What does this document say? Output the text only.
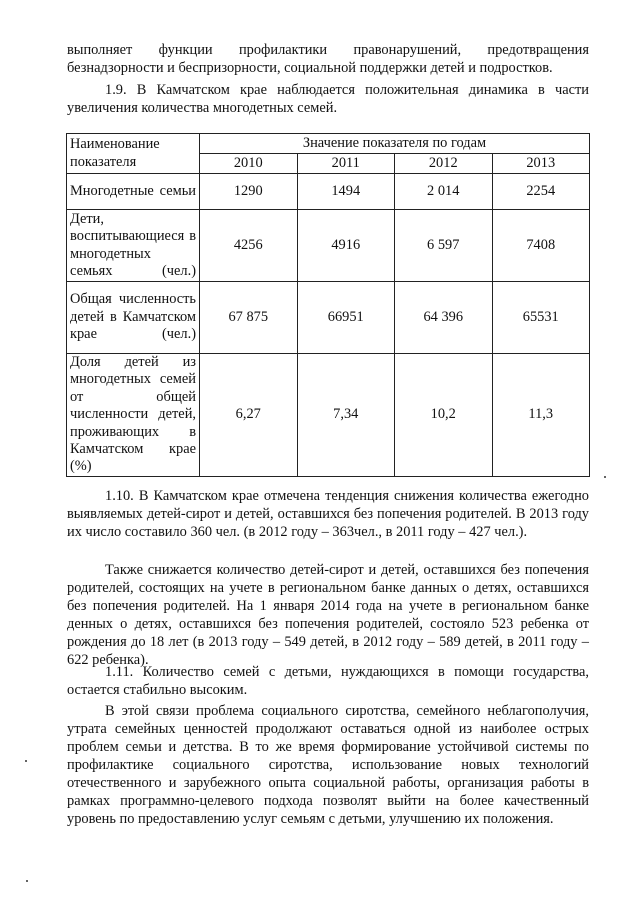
выполняет функции профилактики правонарушений, предотвращения безнадзорности и беспризорности, социальной поддержки детей и подростков.

1.9. В Камчатском крае наблюдается положительная динамика в части увеличения количества многодетных семей.

Наименование показателя	Значение показателя по годам			
	2010	2011	2012	2013
Многодетные семьи	1290	1494	2 014	2254
Дети, воспитывающиеся в многодетных семьях (чел.)	4256	4916	6 597	7408
Общая численность детей в Камчатском крае (чел.)	67 875	66951	64 396	65531
Доля детей из многодетных семей от общей численности детей, проживающих в Камчатском крае (%)	6,27	7,34	10,2	11,3

1.10. В Камчатском крае отмечена тенденция снижения количества ежегодно выявляемых детей-сирот и детей, оставшихся без попечения родителей. В 2013 году их число составило 360 чел. (в 2012 году – 363чел., в 2011 году – 427 чел.).

Также снижается количество детей-сирот и детей, оставшихся без попечения родителей, состоящих на учете в региональном банке данных о детях, оставшихся без попечения родителей. На 1 января 2014 года на учете в региональном банке денных о детях, оставшихся без попечения родителей, состояло 523 ребенка от рождения до 18 лет (в 2013 году – 549 детей, в 2012 году – 589 детей, в 2011 году – 622 ребенка).

1.11. Количество семей с детьми, нуждающихся в помощи государства, остается стабильно высоким.

В этой связи проблема социального сиротства, семейного неблагополучия, утрата семейных ценностей продолжают оставаться одной из наиболее острых проблем семьи и детства. В то же время формирование устойчивой системы по профилактике социального сиротства, использование новых технологий отечественного и зарубежного опыта социальной работы, организация работы в рамках программно-целевого подхода позволят выйти на более качественный уровень по предоставлению услуг семьям с детьми, улучшению их положения.
